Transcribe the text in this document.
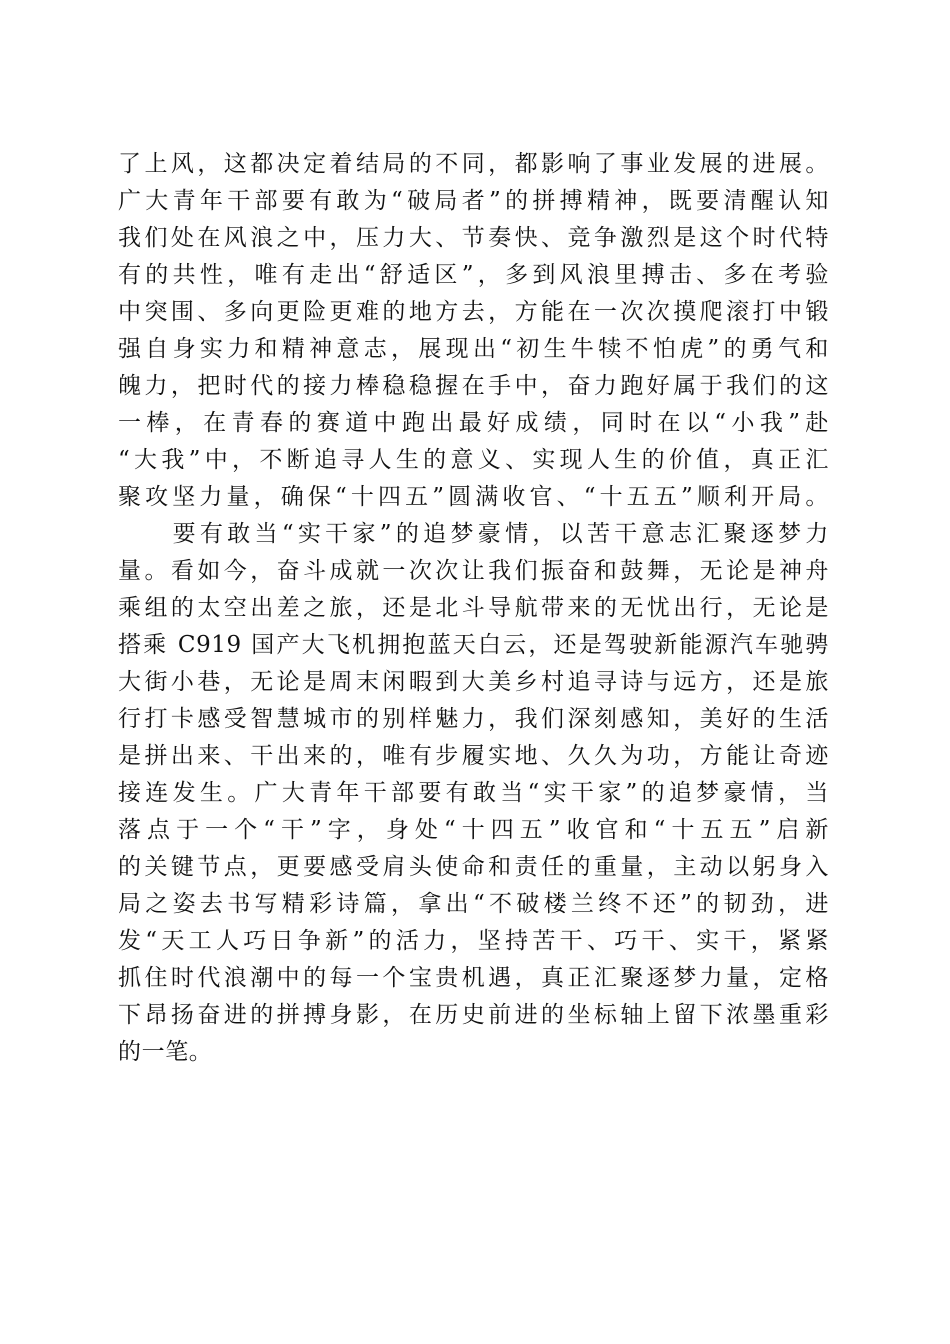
了上风，这都决定着结局的不同，都影响了事业发展的进展。
广大青年干部要有敢为“破局者”的拼搏精神，既要清醒认知
我们处在风浪之中，压力大、节奏快、竞争激烈是这个时代特
有的共性，唯有走出“舒适区”，多到风浪里搏击、多在考验
中突围、多向更险更难的地方去，方能在一次次摸爬滚打中锻
强自身实力和精神意志，展现出“初生牛犊不怕虎”的勇气和
魄力，把时代的接力棒稳稳握在手中，奋力跑好属于我们的这
一棒，在青春的赛道中跑出最好成绩，同时在以“小我”赴
“大我”中，不断追寻人生的意义、实现人生的价值，真正汇
聚攻坚力量，确保“十四五”圆满收官、“十五五”顺利开局。
　　要有敢当“实干家”的追梦豪情，以苦干意志汇聚逐梦力
量。看如今，奋斗成就一次次让我们振奋和鼓舞，无论是神舟
乘组的太空出差之旅，还是北斗导航带来的无忧出行，无论是
搭乘 C919 国产大飞机拥抱蓝天白云，还是驾驶新能源汽车驰骋
大街小巷，无论是周末闲暇到大美乡村追寻诗与远方，还是旅
行打卡感受智慧城市的别样魅力，我们深刻感知，美好的生活
是拼出来、干出来的，唯有步履实地、久久为功，方能让奇迹
接连发生。广大青年干部要有敢当“实干家”的追梦豪情，当
落点于一个“干”字，身处“十四五”收官和“十五五”启新
的关键节点，更要感受肩头使命和责任的重量，主动以躬身入
局之姿去书写精彩诗篇，拿出“不破楼兰终不还”的韧劲，进
发“天工人巧日争新”的活力，坚持苦干、巧干、实干，紧紧
抓住时代浪潮中的每一个宝贵机遇，真正汇聚逐梦力量，定格
下昂扬奋进的拼搏身影，在历史前进的坐标轴上留下浓墨重彩
的一笔。
